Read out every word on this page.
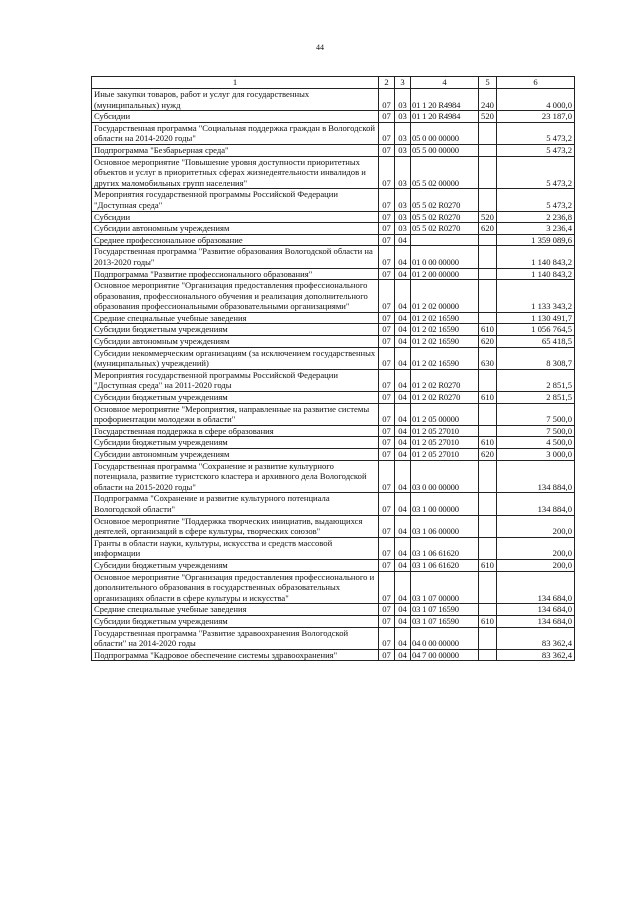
44
1	2	3	4	5	6
Иные закупки товаров, работ и услуг для государственных (муниципальных) нужд	07	03	01 1 20 R4984	240	4 000,0
Субсидии	07	03	01 1 20 R4984	520	23 187,0
Государственная программа "Социальная поддержка граждан в Вологодской области на 2014-2020 годы"	07	03	05 0 00 00000		5 473,2
Подпрограмма "Безбарьерная среда"	07	03	05 5 00 00000		5 473,2
Основное мероприятие "Повышение уровня доступности приоритетных объектов и услуг в приоритетных сферах жизнедеятельности инвалидов и других маломобильных групп населения"	07	03	05 5 02 00000		5 473,2
Мероприятия государственной программы Российской Федерации "Доступная среда"	07	03	05 5 02 R0270		5 473,2
Субсидии	07	03	05 5 02 R0270	520	2 236,8
Субсидии автономным учреждениям	07	03	05 5 02 R0270	620	3 236,4
Среднее профессиональное образование	07	04			1 359 089,6
Государственная программа "Развитие образования Вологодской области на 2013-2020 годы"	07	04	01 0 00 00000		1 140 843,2
Подпрограмма "Развитие профессионального образования"	07	04	01 2 00 00000		1 140 843,2
Основное мероприятие "Организация предоставления профессионального образования, профессионального обучения и реализация дополнительного образования профессиональными образовательными организациями"	07	04	01 2 02 00000		1 133 343,2
Средние специальные учебные заведения	07	04	01 2 02 16590		1 130 491,7
Субсидии бюджетным учреждениям	07	04	01 2 02 16590	610	1 056 764,5
Субсидии автономным учреждениям	07	04	01 2 02 16590	620	65 418,5
Субсидии некоммерческим организациям (за исключением государственных (муниципальных) учреждений)	07	04	01 2 02 16590	630	8 308,7
Мероприятия государственной программы Российской Федерации "Доступная среда" на 2011-2020 годы	07	04	01 2 02 R0270		2 851,5
Субсидии бюджетным учреждениям	07	04	01 2 02 R0270	610	2 851,5
Основное мероприятие "Мероприятия, направленные на развитие системы профориентации молодежи в области"	07	04	01 2 05 00000		7 500,0
Государственная поддержка в сфере образования	07	04	01 2 05 27010		7 500,0
Субсидии бюджетным учреждениям	07	04	01 2 05 27010	610	4 500,0
Субсидии автономным учреждениям	07	04	01 2 05 27010	620	3 000,0
Государственная программа "Сохранение и развитие культурного потенциала, развитие туристского кластера и архивного дела Вологодской области на 2015-2020 годы"	07	04	03 0 00 00000		134 884,0
Подпрограмма "Сохранение и развитие культурного потенциала Вологодской области"	07	04	03 1 00 00000		134 884,0
Основное мероприятие "Поддержка творческих инициатив, выдающихся деятелей, организаций в сфере культуры, творческих союзов"	07	04	03 1 06 00000		200,0
Гранты в области науки, культуры, искусства и средств массовой информации	07	04	03 1 06 61620		200,0
Субсидии бюджетным учреждениям	07	04	03 1 06 61620	610	200,0
Основное мероприятие "Организация предоставления профессионального и дополнительного образования в государственных образовательных организациях области в сфере культуры и искусства"	07	04	03 1 07 00000		134 684,0
Средние специальные учебные заведения	07	04	03 1 07 16590		134 684,0
Субсидии бюджетным учреждениям	07	04	03 1 07 16590	610	134 684,0
Государственная программа "Развитие здравоохранения Вологодской области" на 2014-2020 годы	07	04	04 0 00 00000		83 362,4
Подпрограмма "Кадровое обеспечение системы здравоохранения"	07	04	04 7 00 00000		83 362,4
